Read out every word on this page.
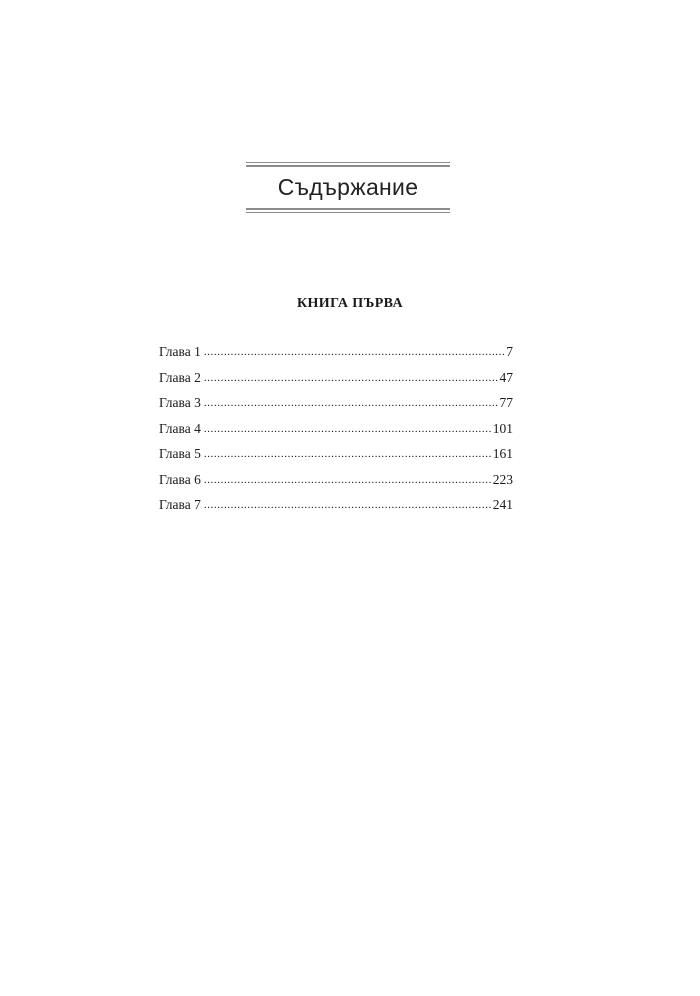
Съдържание
КНИГА ПЪРВА
Глава 1 .....	7
Глава 2 .....	47
Глава 3 .....	77
Глава 4 .....	101
Глава 5 .....	161
Глава 6 .....	223
Глава 7 .....	241
